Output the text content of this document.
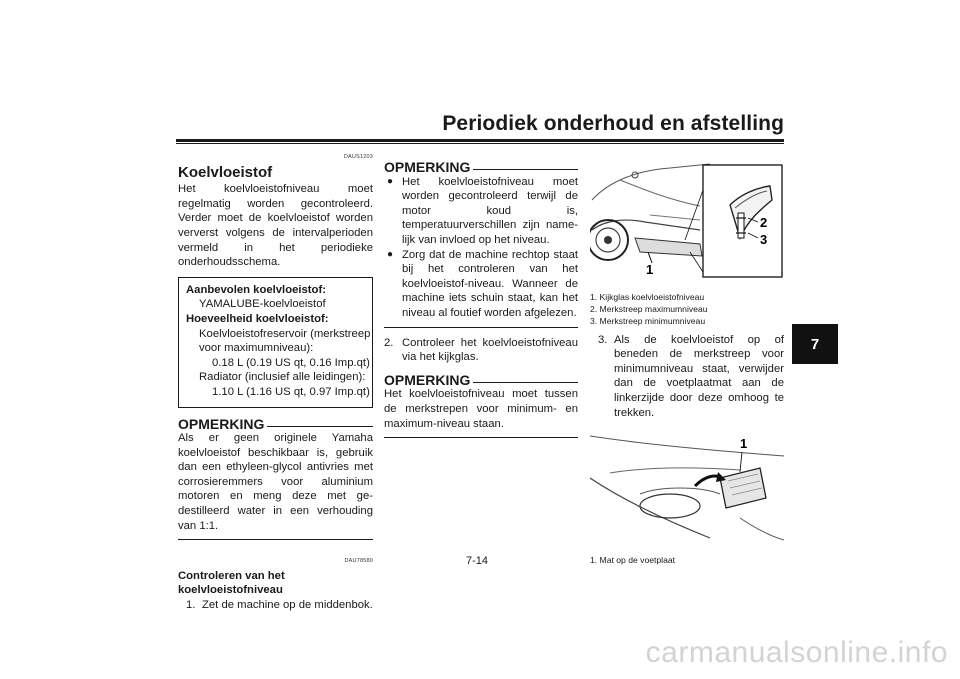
Periodiek onderhoud en afstelling
7
DAUS1203
Koelvloeistof

Het koelvloeistofniveau moet regelmatig worden gecontroleerd. Verder moet de koelvloeistof worden ververst volgens de intervalperioden vermeld in het periodieke onderhoudsschema.

Aanbevolen koelvloeistof:
YAMALUBE-koelvloeistof
Hoeveelheid koelvloeistof:
Koelvloeistofreservoir (merkstreep
voor maximumniveau):
0.18 L (0.19 US qt, 0.16 Imp.qt)
Radiator (inclusief alle leidingen):
1.10 L (1.16 US qt, 0.97 Imp.qt)
OPMERKING

Als er geen originele Yamaha koelvloeistof beschikbaar is, gebruik dan een ethyleen-glycol antivries met corrosieremmers voor aluminium motoren en meng deze met ge-destilleerd water in een verhouding van 1:1.

DAU78580
Controleren van het koelvloeistofniveau
1. Zet de machine op de middenbok.
OPMERKING
● Het koelvloeistofniveau moet worden gecontroleerd terwijl de motor koud is, temperatuurverschillen zijn name-lijk van invloed op het niveau.
● Zorg dat de machine rechtop staat bij het controleren van het koelvloeistof-niveau. Wanneer de machine iets schuin staat, kan het niveau al foutief worden afgelezen.
2. Controleer het koelvloeistofniveau via het kijkglas.
OPMERKING

Het koelvloeistofniveau moet tussen de merkstrepen voor minimum- en maximum-niveau staan.

2
3
1
1. Kijkglas koelvloeistofniveau
2. Merkstreep maximumniveau
3. Merkstreep minimumniveau
3. Als de koelvloeistof op of beneden de merkstreep voor minimumniveau staat, verwijder dan de voetplaatmat aan de linkerzijde door deze omhoog te trekken.
1
1. Mat op de voetplaat
7-14
carmanualsonline.info
